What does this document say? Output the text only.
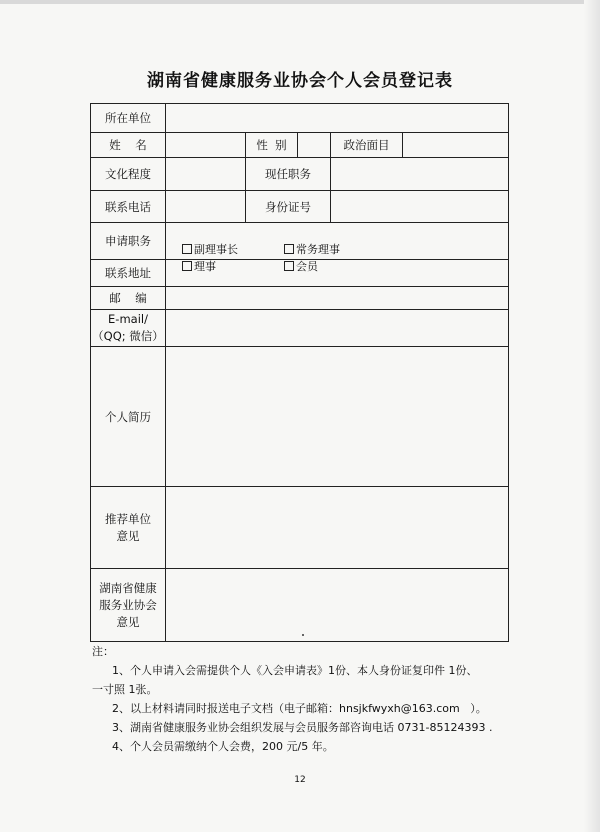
湖南省健康服务业协会个人会员登记表
所在单位					
姓    名		性  别		政治面目	
文化程度		现任职务			
联系电话		身份证号			
申请职务	副理事长 常务理事
理事 会员				

联系地址					
邮    编					

E-mail/
（QQ; 微信）					

个人简历					

推荐单位
意见					

湖南省健康
服务业协会
意见					

注：

1、个人申请入会需提供个人《入会申请表》1份、本人身份证复印件 1份、

一寸照 1张。

2、以上材料请同时报送电子文档（电子邮箱：hnsjkfwyxh@163.com   ）。

3、湖南省健康服务业协会组织发展与会员服务部咨询电话 0731-85124393 .

4、个人会员需缴纳个人会费，200 元/5 年。

12
